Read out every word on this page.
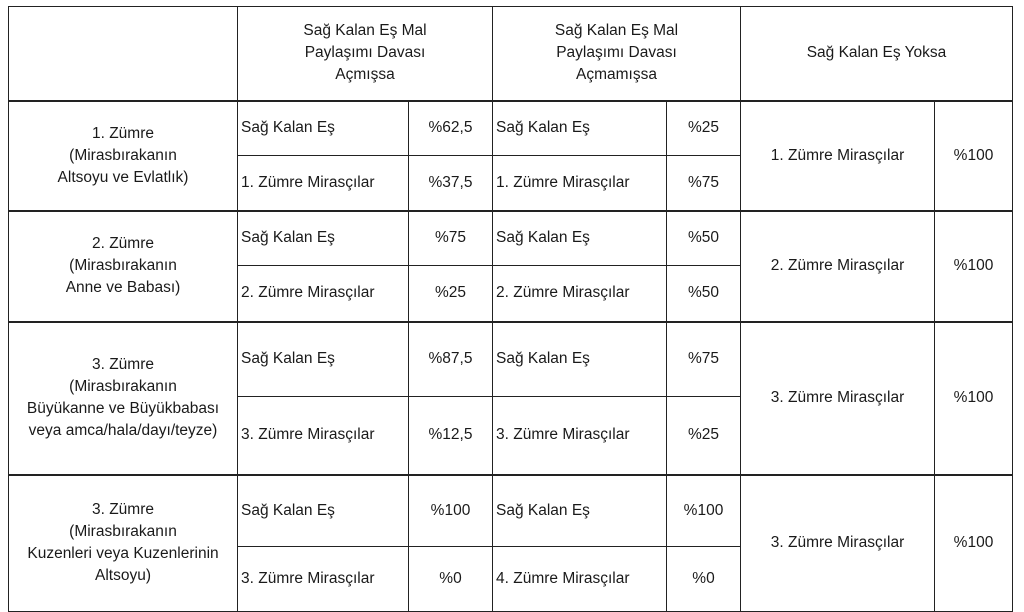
	Sağ Kalan Eş Mal
Paylaşımı Davası
Açmışsa		Sağ Kalan Eş Mal
Paylaşımı Davası
Açmamışsa		Sağ Kalan Eş Yoksa	

1. Zümre
(Mirasbırakanın
Altsoyu ve Evlatlık)	Sağ Kalan Eş	%62,5	Sağ Kalan Eş	%25	1. Zümre Mirasçılar	%100
	1. Zümre Mirasçılar	%37,5	1. Zümre Mirasçılar	%75		

2. Zümre
(Mirasbırakanın
Anne ve Babası)	Sağ Kalan Eş	%75	Sağ Kalan Eş	%50	2. Zümre Mirasçılar	%100
	2. Zümre Mirasçılar	%25	2. Zümre Mirasçılar	%50		

3. Zümre
(Mirasbırakanın
Büyükanne ve Büyükbabası
veya amca/hala/dayı/teyze)	Sağ Kalan Eş	%87,5	Sağ Kalan Eş	%75	3. Zümre Mirasçılar	%100
	3. Zümre Mirasçılar	%12,5	3. Zümre Mirasçılar	%25		

3. Zümre
(Mirasbırakanın
Kuzenleri veya Kuzenlerinin
Altsoyu)	Sağ Kalan Eş	%100	Sağ Kalan Eş	%100	3. Zümre Mirasçılar	%100
	3. Zümre Mirasçılar	%0	4. Zümre Mirasçılar	%0		
